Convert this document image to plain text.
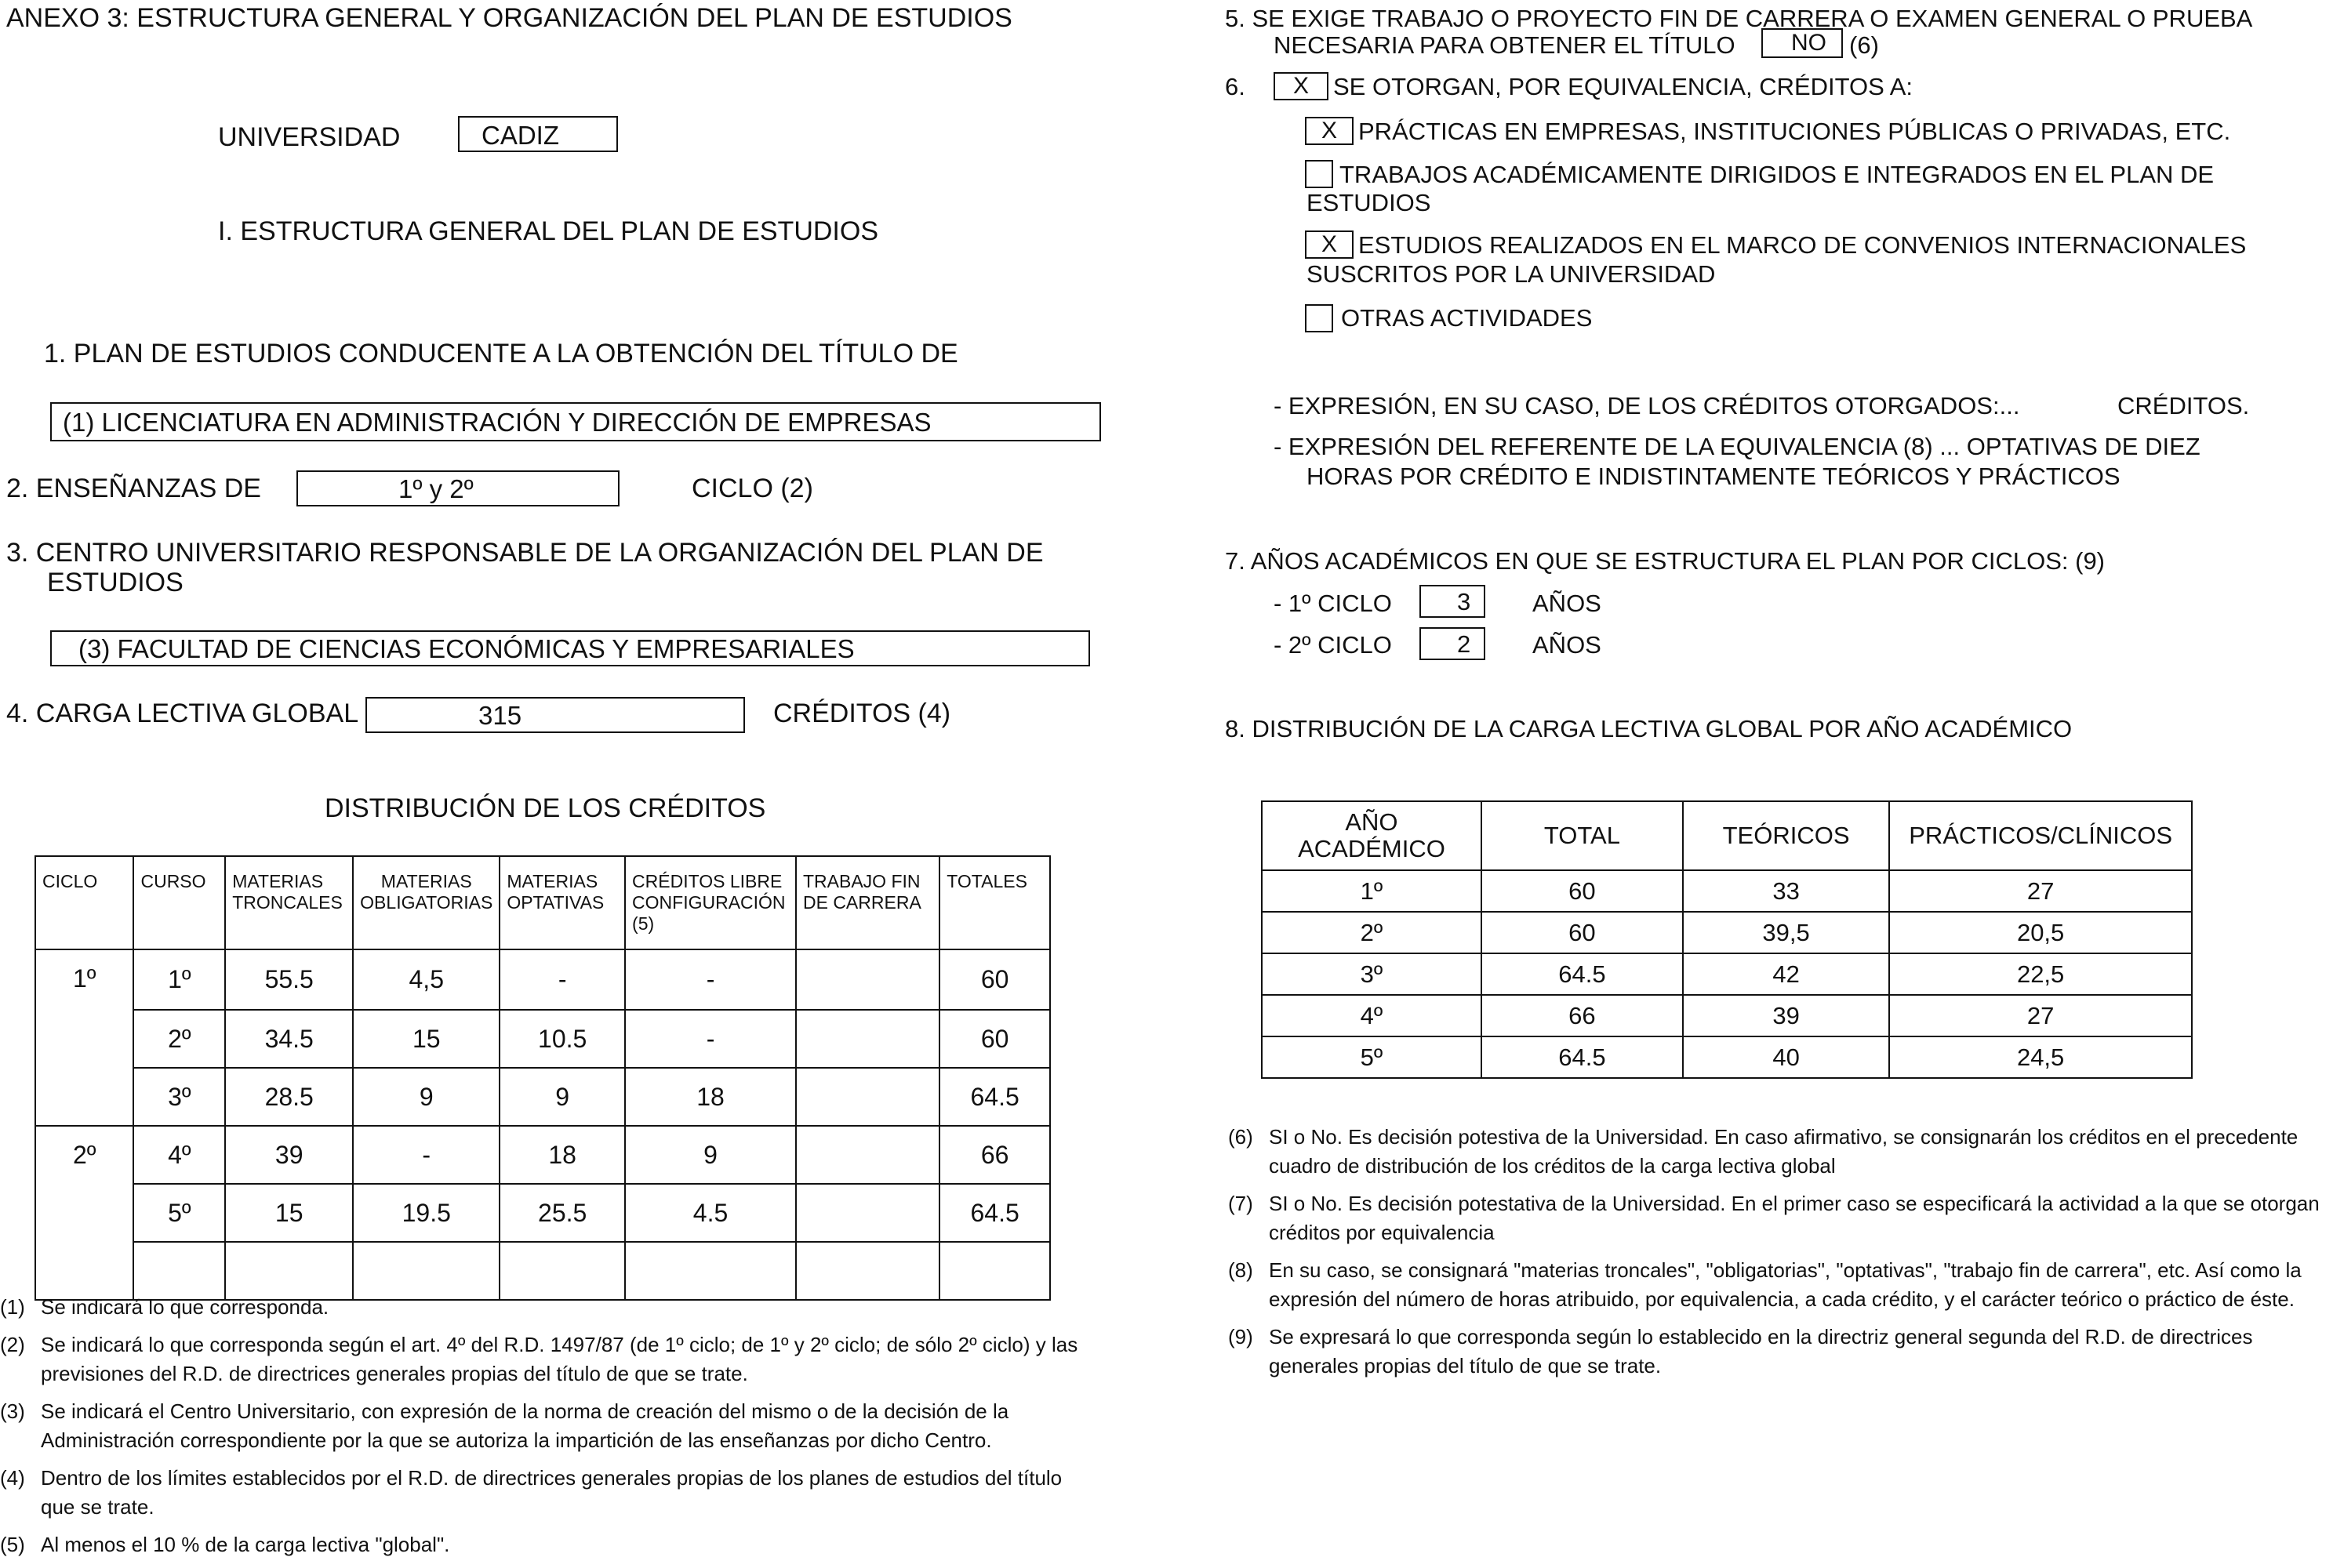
ANEXO 3: ESTRUCTURA GENERAL Y ORGANIZACIÓN DEL PLAN DE ESTUDIOS
UNIVERSIDAD	CADIZ
I. ESTRUCTURA GENERAL DEL PLAN DE ESTUDIOS
1. PLAN DE ESTUDIOS CONDUCENTE A LA OBTENCIÓN DEL TÍTULO DE
(1) LICENCIATURA EN ADMINISTRACIÓN Y DIRECCIÓN DE EMPRESAS
2. ENSEÑANZAS DE	1º y 2º	CICLO (2)
3. CENTRO UNIVERSITARIO RESPONSABLE DE LA ORGANIZACIÓN DEL PLAN DE
ESTUDIOS
(3) FACULTAD DE CIENCIAS ECONÓMICAS Y EMPRESARIALES
4. CARGA LECTIVA GLOBAL	315	CRÉDITOS (4)
DISTRIBUCIÓN DE LOS CRÉDITOS
CICLO	CURSO	MATERIAS TRONCALES	MATERIAS OBLIGATORIAS	MATERIAS OPTATIVAS	CRÉDITOS LIBRE CONFIGURACIÓN (5)	TRABAJO FIN DE CARRERA	TOTALES
1º	1º	55.5	4,5	-	-		60
	2º	34.5	15	10.5	-		60
	3º	28.5	9	9	18		64.5
2º	4º	39	-	18	9		66
	5º	15	19.5	25.5	4.5		64.5

(1) Se indicará lo que corresponda.
(2) Se indicará lo que corresponda según el art. 4º del R.D. 1497/87 (de 1º ciclo; de 1º y 2º ciclo; de sólo 2º ciclo) y las previsiones del R.D. de directrices generales propias del título de que se trate.
(3) Se indicará el Centro Universitario, con expresión de la norma de creación del mismo o de la decisión de la Administración correspondiente por la que se autoriza la impartición de las enseñanzas por dicho Centro.
(4) Dentro de los límites establecidos por el R.D. de directrices generales propias de los planes de estudios del título que se trate.
(5) Al menos el 10 % de la carga lectiva "global".
5. SE EXIGE TRABAJO O PROYECTO FIN DE CARRERA O EXAMEN GENERAL O PRUEBA
NECESARIA PARA OBTENER EL TÍTULO NO (6)
6.	X	SE OTORGAN, POR EQUIVALENCIA, CRÉDITOS A:
X PRÁCTICAS EN EMPRESAS, INSTITUCIONES PÚBLICAS O PRIVADAS, ETC.
TRABAJOS ACADÉMICAMENTE DIRIGIDOS E INTEGRADOS EN EL PLAN DE
ESTUDIOS
X ESTUDIOS REALIZADOS EN EL MARCO DE CONVENIOS INTERNACIONALES
SUSCRITOS POR LA UNIVERSIDAD
OTRAS ACTIVIDADES
- EXPRESIÓN, EN SU CASO, DE LOS CRÉDITOS OTORGADOS:...	CRÉDITOS.
- EXPRESIÓN DEL REFERENTE DE LA EQUIVALENCIA (8) ... OPTATIVAS DE DIEZ
HORAS POR CRÉDITO E INDISTINTAMENTE TEÓRICOS Y PRÁCTICOS
7. AÑOS ACADÉMICOS EN QUE SE ESTRUCTURA EL PLAN POR CICLOS: (9)
- 1º CICLO	3	AÑOS
- 2º CICLO	2	AÑOS
8. DISTRIBUCIÓN DE LA CARGA LECTIVA GLOBAL POR AÑO ACADÉMICO
AÑO ACADÉMICO	TOTAL	TEÓRICOS	PRÁCTICOS/CLÍNICOS
1º	60	33	27
2º	60	39,5	20,5
3º	64.5	42	22,5
4º	66	39	27
5º	64.5	40	24,5
(6) SI o No. Es decisión potestiva de la Universidad. En caso afirmativo, se consignarán los créditos en el precedente cuadro de distribución de los créditos de la carga lectiva global
(7) SI o No. Es decisión potestativa de la Universidad. En el primer caso se especificará la actividad a la que se otorgan créditos por equivalencia
(8) En su caso, se consignará "materias troncales", "obligatorias", "optativas", "trabajo fin de carrera", etc. Así como la expresión del número de horas atribuido, por equivalencia, a cada crédito, y el carácter teórico o práctico de éste.
(9) Se expresará lo que corresponda según lo establecido en la directriz general segunda del R.D. de directrices generales propias del título de que se trate.
